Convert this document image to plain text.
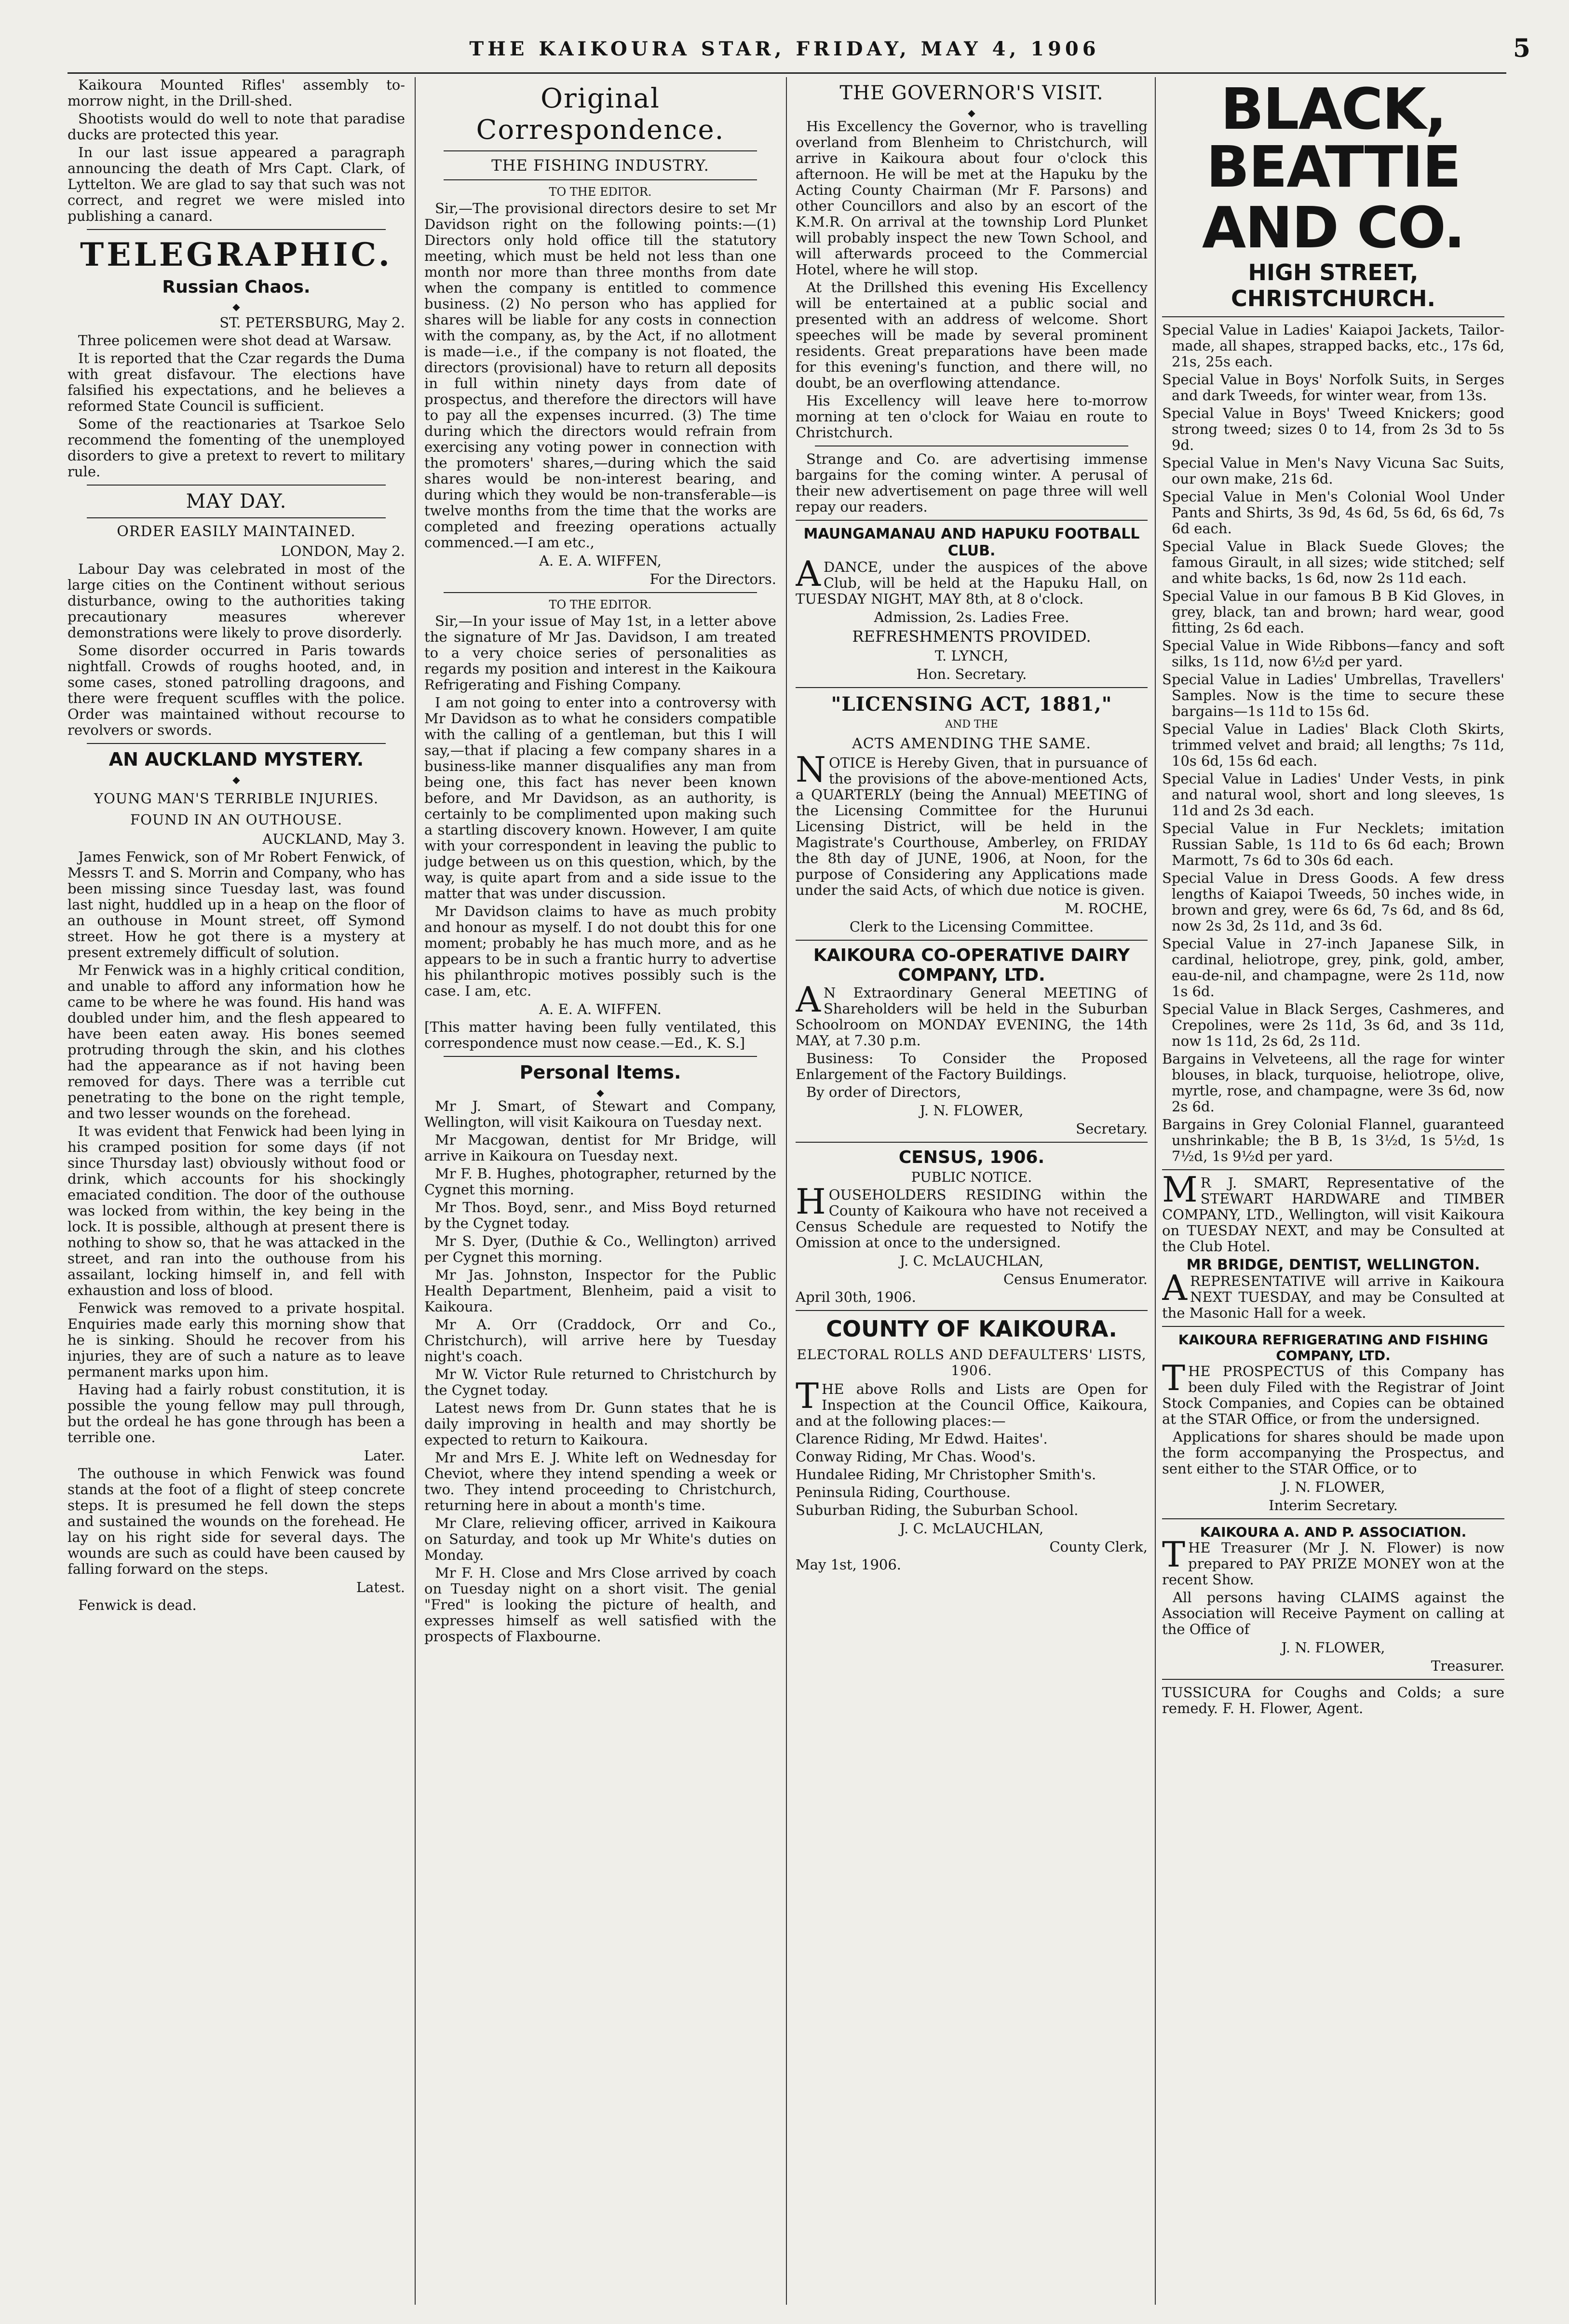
THE KAIKOURA STAR, FRIDAY, MAY 4, 1906	5

Kaikoura Mounted Rifles' assembly to-morrow night, in the Drill-shed.

Shootists would do well to note that paradise ducks are protected this year.

In our last issue appeared a paragraph announcing the death of Mrs Capt. Clark, of Lyttelton. We are glad to say that such was not correct, and regret we were misled into publishing a canard.

TELEGRAPHIC.
Russian Chaos.
◆
ST. PETERSBURG, May 2.

Three policemen were shot dead at Warsaw.

It is reported that the Czar regards the Duma with great disfavour. The elections have falsified his expectations, and he believes a reformed State Council is sufficient.

Some of the reactionaries at Tsarkoe Selo recommend the fomenting of the unemployed disorders to give a pretext to revert to military rule.

MAY DAY.
ORDER EASILY MAINTAINED.
LONDON, May 2.

Labour Day was celebrated in most of the large cities on the Continent without serious disturbance, owing to the authorities taking precautionary measures wherever demonstrations were likely to prove disorderly.

Some disorder occurred in Paris towards nightfall. Crowds of roughs hooted, and, in some cases, stoned patrolling dragoons, and there were frequent scuffles with the police. Order was maintained without recourse to revolvers or swords.

AN AUCKLAND MYSTERY.
◆
YOUNG MAN'S TERRIBLE INJURIES.
FOUND IN AN OUTHOUSE.
AUCKLAND, May 3.

James Fenwick, son of Mr Robert Fenwick, of Messrs T. and S. Morrin and Company, who has been missing since Tuesday last, was found last night, huddled up in a heap on the floor of an outhouse in Mount street, off Symond street. How he got there is a mystery at present extremely difficult of solution.

Mr Fenwick was in a highly critical condition, and unable to afford any information how he came to be where he was found. His hand was doubled under him, and the flesh appeared to have been eaten away. His bones seemed protruding through the skin, and his clothes had the appearance as if not having been removed for days. There was a terrible cut penetrating to the bone on the right temple, and two lesser wounds on the forehead.

It was evident that Fenwick had been lying in his cramped position for some days (if not since Thursday last) obviously without food or drink, which accounts for his shockingly emaciated condition. The door of the outhouse was locked from within, the key being in the lock. It is possible, although at present there is nothing to show so, that he was attacked in the street, and ran into the outhouse from his assailant, locking himself in, and fell with exhaustion and loss of blood.

Fenwick was removed to a private hospital. Enquiries made early this morning show that he is sinking. Should he recover from his injuries, they are of such a nature as to leave permanent marks upon him.

Having had a fairly robust constitution, it is possible the young fellow may pull through, but the ordeal he has gone through has been a terrible one.

Later.

The outhouse in which Fenwick was found stands at the foot of a flight of steep concrete steps. It is presumed he fell down the steps and sustained the wounds on the forehead. He lay on his right side for several days. The wounds are such as could have been caused by falling forward on the steps.

Latest.

Fenwick is dead.

Original Correspondence.
THE FISHING INDUSTRY.
TO THE EDITOR.

Sir,—The provisional directors desire to set Mr Davidson right on the following points:—(1) Directors only hold office till the statutory meeting, which must be held not less than one month nor more than three months from date when the company is entitled to commence business. (2) No person who has applied for shares will be liable for any costs in connection with the company, as, by the Act, if no allotment is made—i.e., if the company is not floated, the directors (provisional) have to return all deposits in full within ninety days from date of prospectus, and therefore the directors will have to pay all the expenses incurred. (3) The time during which the directors would refrain from exercising any voting power in connection with the promoters' shares,—during which the said shares would be non-interest bearing, and during which they would be non-transferable—is twelve months from the time that the works are completed and freezing operations actually commenced.—I am etc.,

A. E. A. WIFFEN,
For the Directors.
TO THE EDITOR.

Sir,—In your issue of May 1st, in a letter above the signature of Mr Jas. Davidson, I am treated to a very choice series of personalities as regards my position and interest in the Kaikoura Refrigerating and Fishing Company.

I am not going to enter into a controversy with Mr Davidson as to what he considers compatible with the calling of a gentleman, but this I will say,—that if placing a few company shares in a business-like manner disqualifies any man from being one, this fact has never been known before, and Mr Davidson, as an authority, is certainly to be complimented upon making such a startling discovery known. However, I am quite with your correspondent in leaving the public to judge between us on this question, which, by the way, is quite apart from and a side issue to the matter that was under discussion.

Mr Davidson claims to have as much probity and honour as myself. I do not doubt this for one moment; probably he has much more, and as he appears to be in such a frantic hurry to advertise his philanthropic motives possibly such is the case. I am, etc.

A. E. A. WIFFEN.

[This matter having been fully ventilated, this correspondence must now cease.—Ed., K. S.]

Personal Items.
◆

Mr J. Smart, of Stewart and Company, Wellington, will visit Kaikoura on Tuesday next.

Mr Macgowan, dentist for Mr Bridge, will arrive in Kaikoura on Tuesday next.

Mr F. B. Hughes, photographer, returned by the Cygnet this morning.

Mr Thos. Boyd, senr., and Miss Boyd returned by the Cygnet today.

Mr S. Dyer, (Duthie & Co., Wellington) arrived per Cygnet this morning.

Mr Jas. Johnston, Inspector for the Public Health Department, Blenheim, paid a visit to Kaikoura.

Mr A. Orr (Craddock, Orr and Co., Christchurch), will arrive here by Tuesday night's coach.

Mr W. Victor Rule returned to Christchurch by the Cygnet today.

Latest news from Dr. Gunn states that he is daily improving in health and may shortly be expected to return to Kaikoura.

Mr and Mrs E. J. White left on Wednesday for Cheviot, where they intend spending a week or two. They intend proceeding to Christchurch, returning here in about a month's time.

Mr Clare, relieving officer, arrived in Kaikoura on Saturday, and took up Mr White's duties on Monday.

Mr F. H. Close and Mrs Close arrived by coach on Tuesday night on a short visit. The genial "Fred" is looking the picture of health, and expresses himself as well satisfied with the prospects of Flaxbourne.

THE GOVERNOR'S VISIT.
◆

His Excellency the Governor, who is travelling overland from Blenheim to Christchurch, will arrive in Kaikoura about four o'clock this afternoon. He will be met at the Hapuku by the Acting County Chairman (Mr F. Parsons) and other Councillors and also by an escort of the K.M.R. On arrival at the township Lord Plunket will probably inspect the new Town School, and will afterwards proceed to the Commercial Hotel, where he will stop.

At the Drillshed this evening His Excellency will be entertained at a public social and presented with an address of welcome. Short speeches will be made by several prominent residents. Great preparations have been made for this evening's function, and there will, no doubt, be an overflowing attendance.

His Excellency will leave here to-morrow morning at ten o'clock for Waiau en route to Christchurch.

Strange and Co. are advertising immense bargains for the coming winter. A perusal of their new advertisement on page three will well repay our readers.

MAUNGAMANAU AND HAPUKU FOOTBALL CLUB.

ADANCE, under the auspices of the above Club, will be held at the Hapuku Hall, on TUESDAY NIGHT, MAY 8th, at 8 o'clock.

Admission, 2s. Ladies Free.
REFRESHMENTS PROVIDED.
T. LYNCH,
Hon. Secretary.
"LICENSING ACT, 1881,"
AND THE
ACTS AMENDING THE SAME.

NOTICE is Hereby Given, that in pursuance of the provisions of the above-mentioned Acts, a QUARTERLY (being the Annual) MEETING of the Licensing Committee for the Hurunui Licensing District, will be held in the Magistrate's Courthouse, Amberley, on FRIDAY the 8th day of JUNE, 1906, at Noon, for the purpose of Considering any Applications made under the said Acts, of which due notice is given.

M. ROCHE,
Clerk to the Licensing Committee.
KAIKOURA CO-OPERATIVE DAIRY COMPANY, LTD.

AN Extraordinary General MEETING of Shareholders will be held in the Suburban Schoolroom on MONDAY EVENING, the 14th MAY, at 7.30 p.m.

Business: To Consider the Proposed Enlargement of the Factory Buildings.

By order of Directors,

J. N. FLOWER,
Secretary.
CENSUS, 1906.
PUBLIC NOTICE.

HOUSEHOLDERS RESIDING within the County of Kaikoura who have not received a Census Schedule are requested to Notify the Omission at once to the undersigned.

J. C. McLAUCHLAN,
Census Enumerator.

April 30th, 1906.

COUNTY OF KAIKOURA.
ELECTORAL ROLLS AND DEFAULTERS' LISTS, 1906.

THE above Rolls and Lists are Open for Inspection at the Council Office, Kaikoura, and at the following places:—

Clarence Riding, Mr Edwd. Haites'.

Conway Riding, Mr Chas. Wood's.

Hundalee Riding, Mr Christopher Smith's.

Peninsula Riding, Courthouse.

Suburban Riding, the Suburban School.

J. C. McLAUCHLAN,
County Clerk,

May 1st, 1906.

BLACK, BEATTIE
AND CO.
HIGH STREET,
CHRISTCHURCH.

Special Value in Ladies' Kaiapoi Jackets, Tailor-made, all shapes, strapped backs, etc., 17s 6d, 21s, 25s each.

Special Value in Boys' Norfolk Suits, in Serges and dark Tweeds, for winter wear, from 13s.

Special Value in Boys' Tweed Knickers; good strong tweed; sizes 0 to 14, from 2s 3d to 5s 9d.

Special Value in Men's Navy Vicuna Sac Suits, our own make, 21s 6d.

Special Value in Men's Colonial Wool Under Pants and Shirts, 3s 9d, 4s 6d, 5s 6d, 6s 6d, 7s 6d each.

Special Value in Black Suede Gloves; the famous Girault, in all sizes; wide stitched; self and white backs, 1s 6d, now 2s 11d each.

Special Value in our famous B B Kid Gloves, in grey, black, tan and brown; hard wear, good fitting, 2s 6d each.

Special Value in Wide Ribbons—fancy and soft silks, 1s 11d, now 6½d per yard.

Special Value in Ladies' Umbrellas, Travellers' Samples. Now is the time to secure these bargains—1s 11d to 15s 6d.

Special Value in Ladies' Black Cloth Skirts, trimmed velvet and braid; all lengths; 7s 11d, 10s 6d, 15s 6d each.

Special Value in Ladies' Under Vests, in pink and natural wool, short and long sleeves, 1s 11d and 2s 3d each.

Special Value in Fur Necklets; imitation Russian Sable, 1s 11d to 6s 6d each; Brown Marmott, 7s 6d to 30s 6d each.

Special Value in Dress Goods. A few dress lengths of Kaiapoi Tweeds, 50 inches wide, in brown and grey, were 6s 6d, 7s 6d, and 8s 6d, now 2s 3d, 2s 11d, and 3s 6d.

Special Value in 27-inch Japanese Silk, in cardinal, heliotrope, grey, pink, gold, amber, eau-de-nil, and champagne, were 2s 11d, now 1s 6d.

Special Value in Black Serges, Cashmeres, and Crepolines, were 2s 11d, 3s 6d, and 3s 11d, now 1s 11d, 2s 6d, 2s 11d.

Bargains in Velveteens, all the rage for winter blouses, in black, turquoise, heliotrope, olive, myrtle, rose, and champagne, were 3s 6d, now 2s 6d.

Bargains in Grey Colonial Flannel, guaranteed unshrinkable; the B B, 1s 3½d, 1s 5½d, 1s 7½d, 1s 9½d per yard.

MR J. SMART, Representative of the STEWART HARDWARE and TIMBER COMPANY, LTD., Wellington, will visit Kaikoura on TUESDAY NEXT, and may be Consulted at the Club Hotel.

MR BRIDGE, DENTIST, WELLINGTON.

AREPRESENTATIVE will arrive in Kaikoura NEXT TUESDAY, and may be Consulted at the Masonic Hall for a week.

KAIKOURA REFRIGERATING AND FISHING COMPANY, LTD.

THE PROSPECTUS of this Company has been duly Filed with the Registrar of Joint Stock Companies, and Copies can be obtained at the STAR Office, or from the undersigned.

Applications for shares should be made upon the form accompanying the Prospectus, and sent either to the STAR Office, or to

J. N. FLOWER,
Interim Secretary.
KAIKOURA A. AND P. ASSOCIATION.

THE Treasurer (Mr J. N. Flower) is now prepared to PAY PRIZE MONEY won at the recent Show.

All persons having CLAIMS against the Association will Receive Payment on calling at the Office of

J. N. FLOWER,
Treasurer.

TUSSICURA for Coughs and Colds; a sure remedy. F. H. Flower, Agent.
